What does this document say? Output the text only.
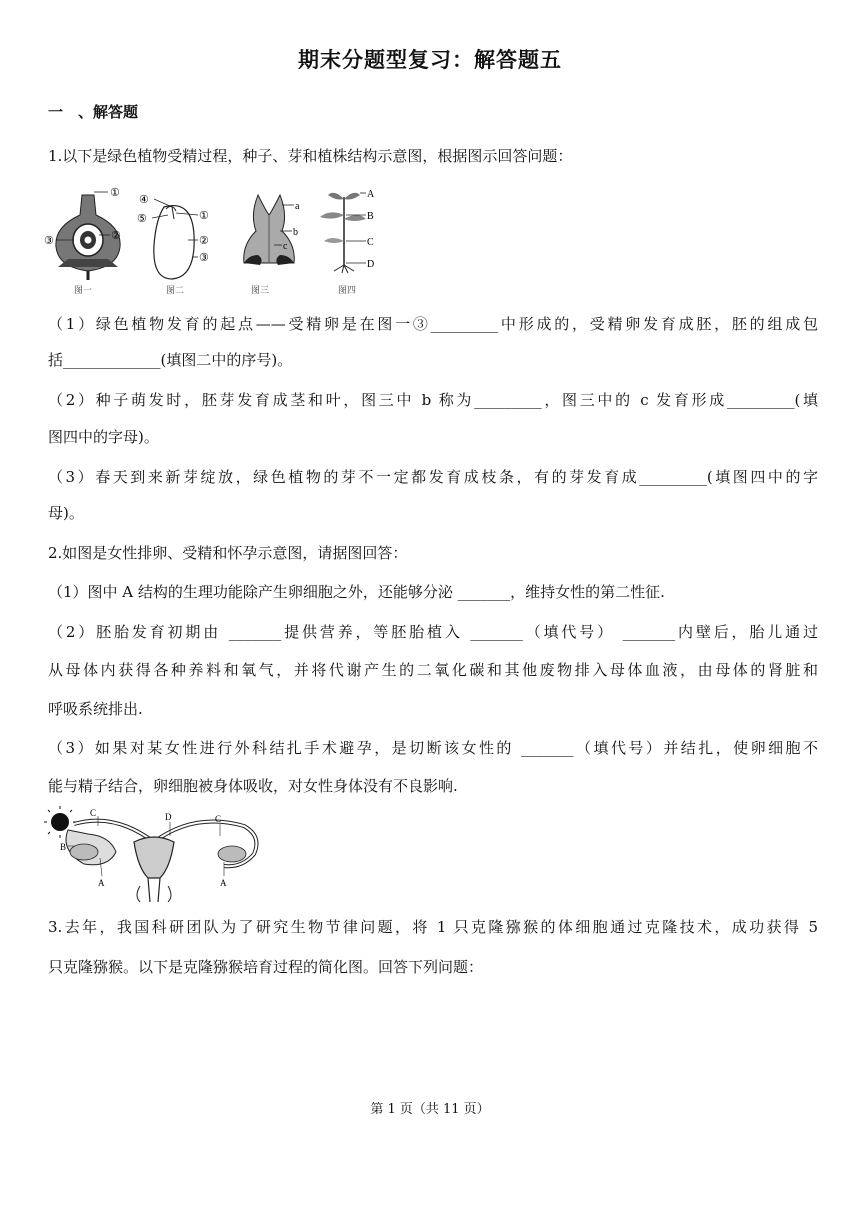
期末分题型复习：解答题五
一　、解答题
1.以下是绿色植物受精过程，种子、芽和植株结构示意图，根据图示回答问题：
①
②
③
图一
④
⑤	①
②
③
图二
a
b
c
图三
A
B
C
D
图四
（1）绿色植物发育的起点——受精卵是在图一③_________中形成的，受精卵发育成胚，胚的组成包
括_____________(填图二中的序号)。
（2）种子萌发时，胚芽发育成茎和叶，图三中 b 称为_________，图三中的 c 发育形成_________(填
图四中的字母)。
（3）春天到来新芽绽放，绿色植物的芽不一定都发育成枝条，有的芽发育成_________(填图四中的字
母)。
2.如图是女性排卵、受精和怀孕示意图，请据图回答：
（1）图中 A 结构的生理功能除产生卵细胞之外，还能够分泌 _______，维持女性的第二性征.
（2）胚胎发育初期由 _______提供营养，等胚胎植入 _______（填代号） _______内壁后，胎儿通过
从母体内获得各种养料和氧气，并将代谢产生的二氧化碳和其他废物排入母体血液，由母体的肾脏和
呼吸系统排出.
（3）如果对某女性进行外科结扎手术避孕，是切断该女性的 _______（填代号）并结扎，使卵细胞不
能与精子结合，卵细胞被身体吸收，对女性身体没有不良影响.
C	D	C
B
A	A
3.去年，我国科研团队为了研究生物节律问题，将 1 只克隆猕猴的体细胞通过克隆技术，成功获得 5
只克隆猕猴。以下是克隆猕猴培育过程的简化图。回答下列问题：
第 1 页（共 11 页）
